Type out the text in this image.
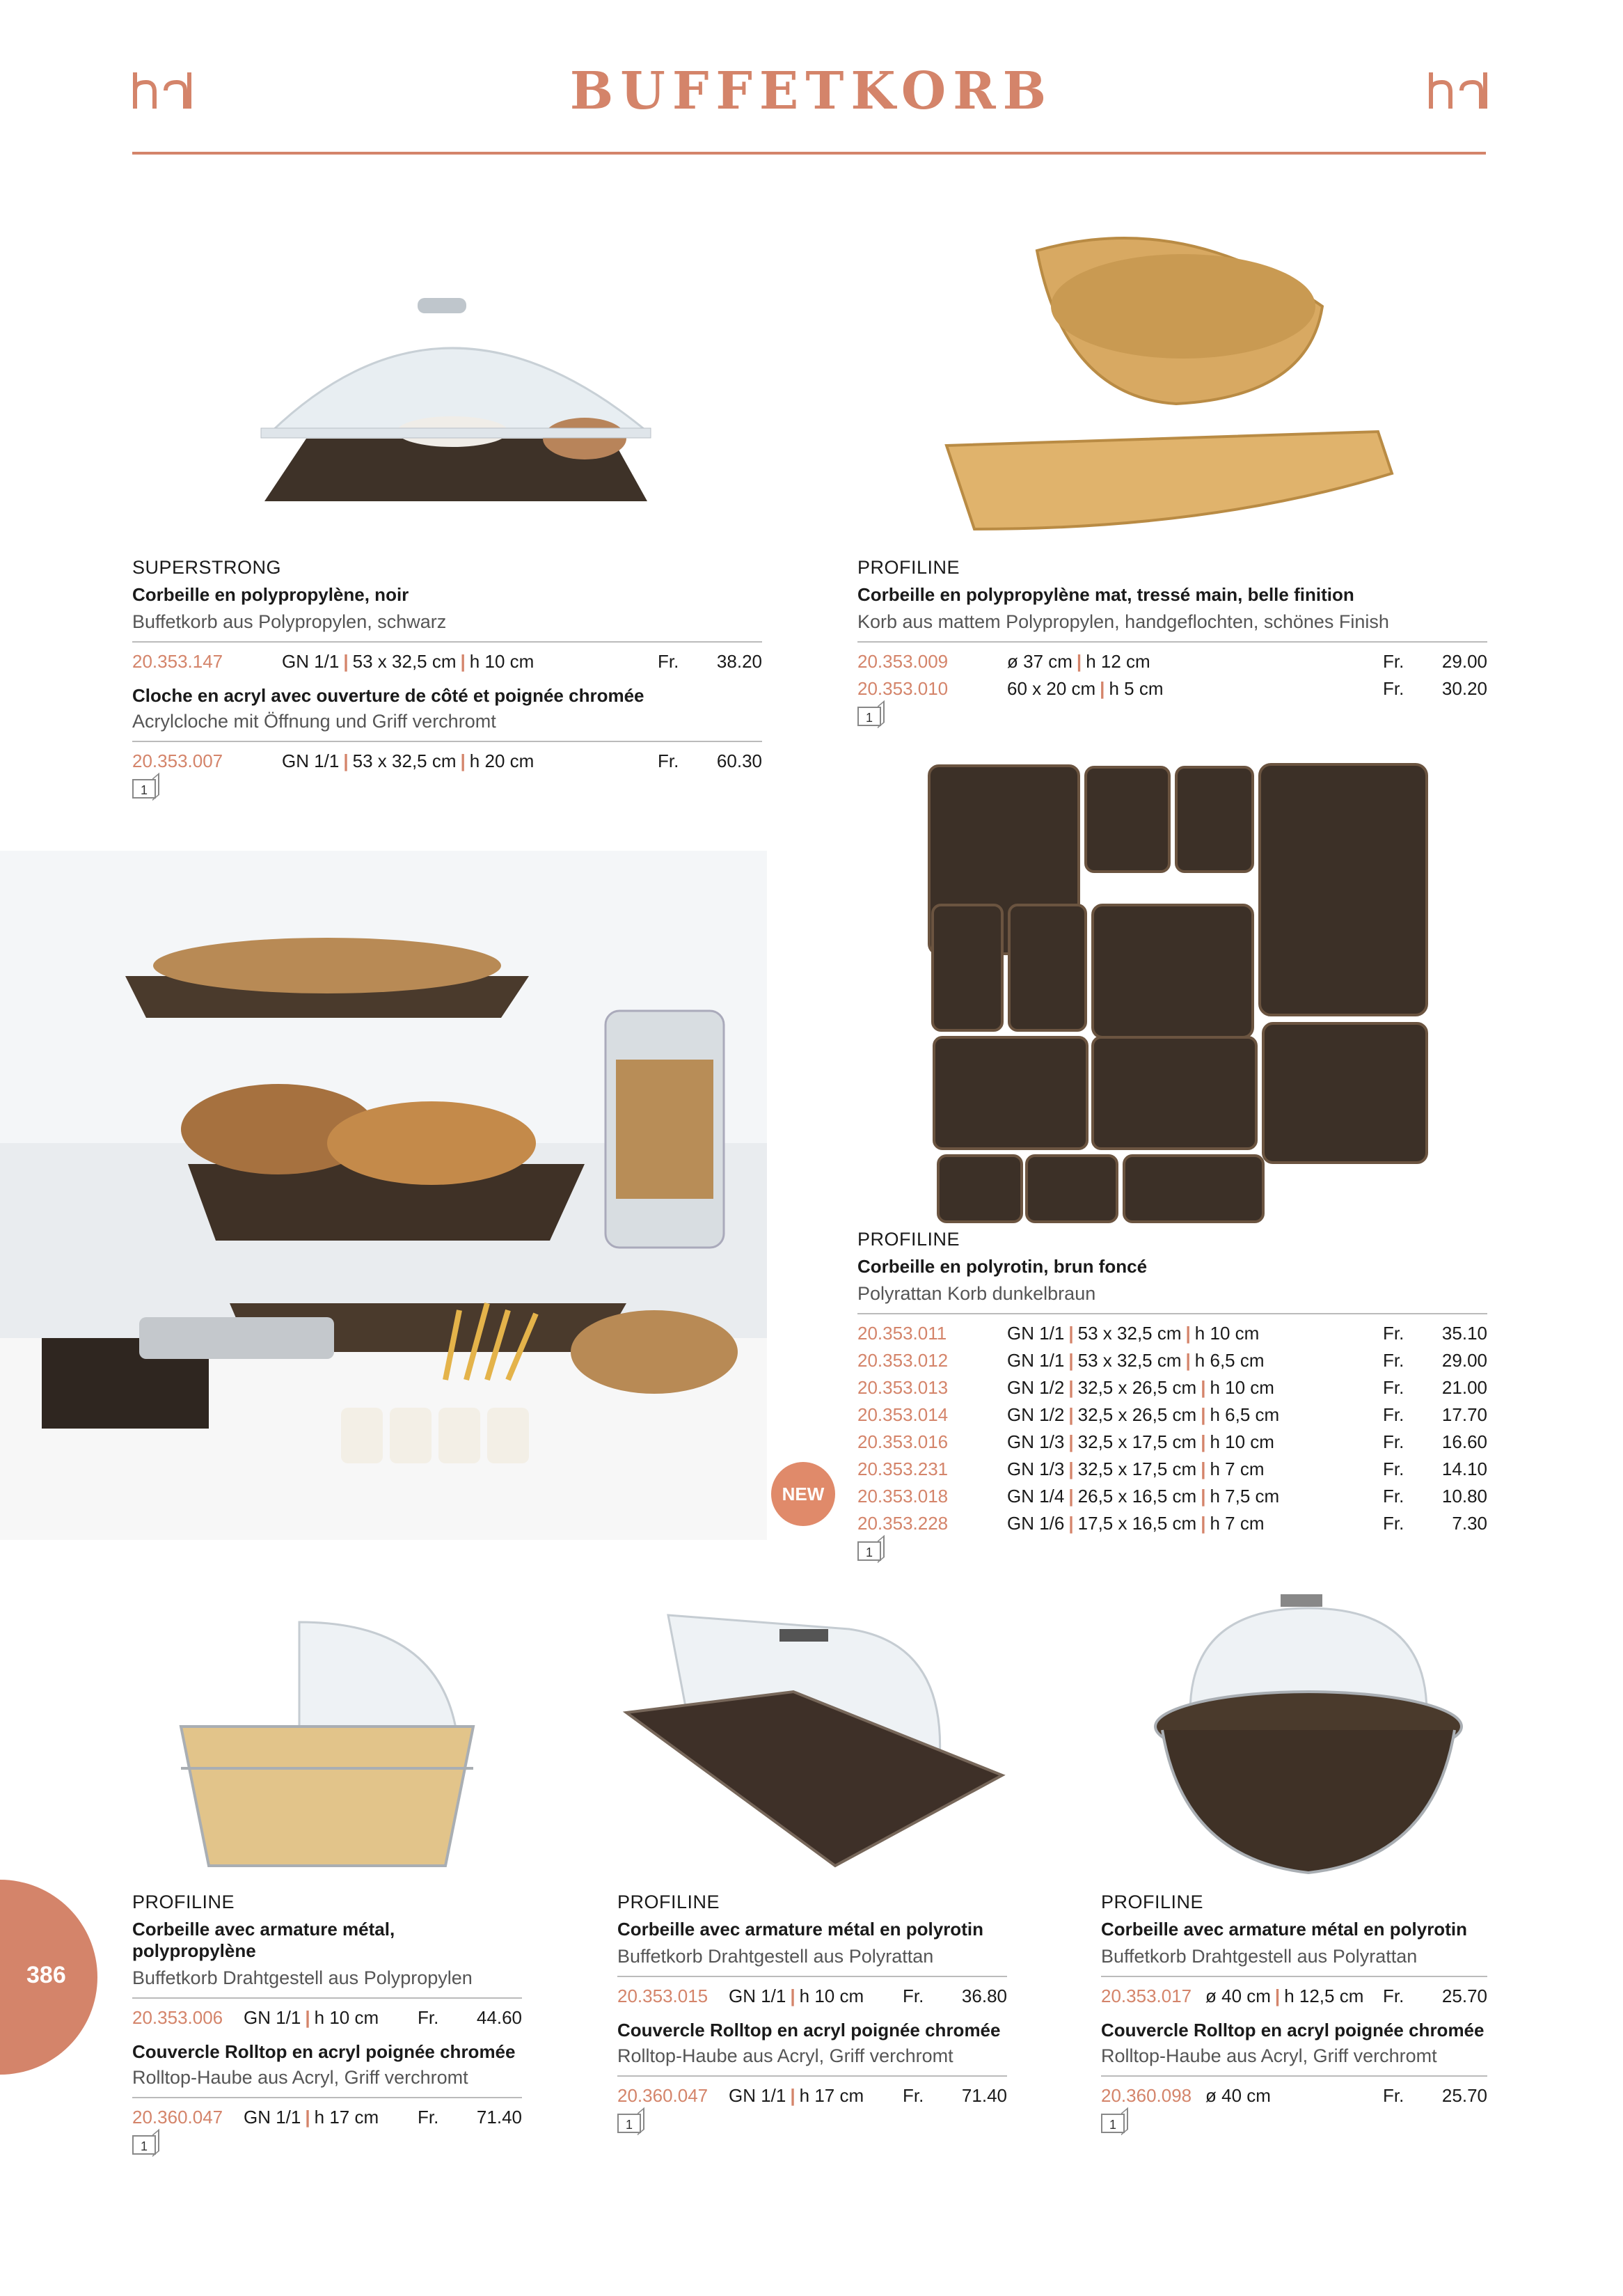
BUFFETKORB
SUPERSTRONG
Corbeille en polypropylène, noir
Buffetkorb aus Polypropylen, schwarz
20.353.147	GN 1/1 | 53 x 32,5 cm | h 10 cm	Fr.	38.20
Cloche en acryl avec ouverture de côté et poignée chromée
Acrylcloche mit Öffnung und Griff verchromt
20.353.007	GN 1/1 | 53 x 32,5 cm | h 20 cm	Fr.	60.30
1
PROFILINE
Corbeille en polypropylène mat, tressé main, belle finition
Korb aus mattem Polypropylen, handgeflochten, schönes Finish
20.353.009	ø 37 cm | h 12 cm	Fr.	29.00
20.353.010	60 x 20 cm | h 5 cm	Fr.	30.20
1
PROFILINE
Corbeille en polyrotin, brun foncé
Polyrattan Korb dunkelbraun
20.353.011	GN 1/1 | 53 x 32,5 cm | h 10 cm	Fr.	35.10
20.353.012	GN 1/1 | 53 x 32,5 cm | h 6,5 cm	Fr.	29.00
20.353.013	GN 1/2 | 32,5 x 26,5 cm | h 10 cm	Fr.	21.00
20.353.014	GN 1/2 | 32,5 x 26,5 cm | h 6,5 cm	Fr.	17.70
20.353.016	GN 1/3 | 32,5 x 17,5 cm | h 10 cm	Fr.	16.60
20.353.231	GN 1/3 | 32,5 x 17,5 cm | h 7 cm	Fr.	14.10
20.353.018	GN 1/4 | 26,5 x 16,5 cm | h 7,5 cm	Fr.	10.80
20.353.228	GN 1/6 | 17,5 x 16,5 cm | h 7 cm	Fr.	7.30
1
NEW
386
PROFILINE
Corbeille avec armature métal, polypropylène
Buffetkorb Drahtgestell aus Polypropylen
20.353.006	GN 1/1 | h 10 cm Fr.	44.60
Couvercle Rolltop en acryl poignée chromée
Rolltop-Haube aus Acryl, Griff verchromt
20.360.047	GN 1/1 | h 17 cm Fr.	71.40
1
PROFILINE
Corbeille avec armature métal en polyrotin
Buffetkorb Drahtgestell aus Polyrattan
20.353.015	GN 1/1 | h 10 cm Fr.	36.80
Couvercle Rolltop en acryl poignée chromée
Rolltop-Haube aus Acryl, Griff verchromt
20.360.047	GN 1/1 | h 17 cm Fr.	71.40
1
PROFILINE
Corbeille avec armature métal en polyrotin
Buffetkorb Drahtgestell aus Polyrattan
20.353.017 ø 40 cm | h 12,5 cm Fr.	25.70
Couvercle Rolltop en acryl poignée chromée
Rolltop-Haube aus Acryl, Griff verchromt
20.360.098 ø 40 cm	Fr.	25.70
1
